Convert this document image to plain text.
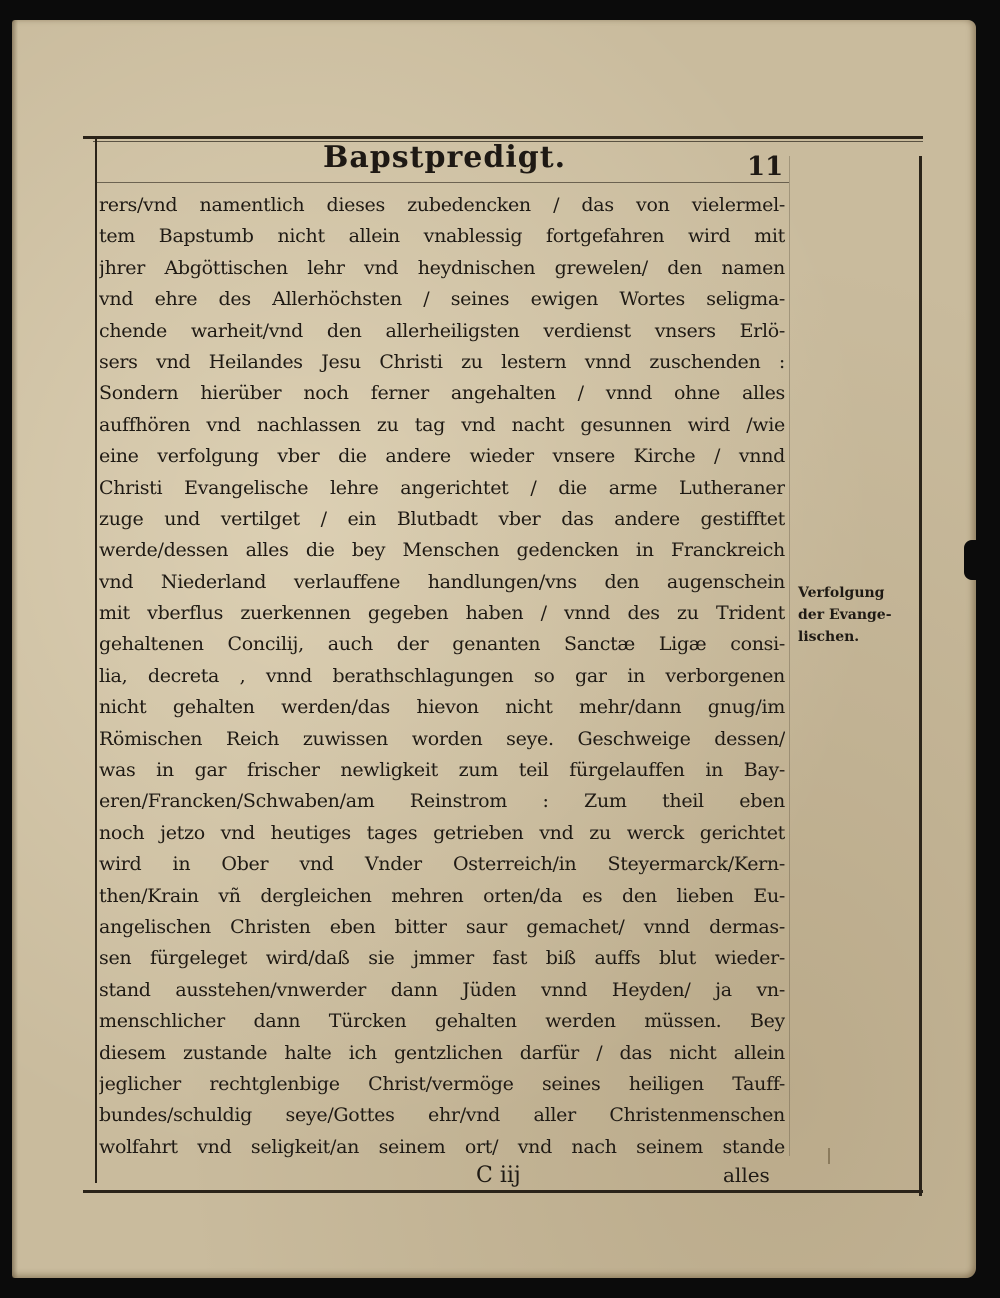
Bapstpredigt.	11
rers/vnd namentlich dieses zubedencken / das von vielermel-
tem Bapstumb nicht allein vnablessig fortgefahren wird mit
jhrer Abgöttischen lehr vnd heydnischen grewelen/ den namen
vnd ehre des Allerhöchsten / seines ewigen Wortes seligma-
chende warheit/vnd den allerheiligsten verdienst vnsers Erlö-
sers vnd Heilandes Jesu Christi zu lestern vnnd zuschenden :
Sondern hierüber noch ferner angehalten / vnnd ohne alles
auffhören vnd nachlassen zu tag vnd nacht gesunnen wird /wie
eine verfolgung vber die andere wieder vnsere Kirche / vnnd
Christi Evangelische lehre angerichtet / die arme Lutheraner
zuge und vertilget / ein Blutbadt vber das andere gestifftet
werde/dessen alles die bey Menschen gedencken in Franckreich
vnd Niederland verlauffene handlungen/vns den augenschein
mit vberflus zuerkennen gegeben haben / vnnd des zu Trident
gehaltenen Concilij, auch der genanten Sanctæ Ligæ consi-
lia, decreta , vnnd berathschlagungen so gar in verborgenen
nicht gehalten werden/das hievon nicht mehr/dann gnug/im
Römischen Reich zuwissen worden seye. Geschweige dessen/
was in gar frischer newligkeit zum teil fürgelauffen in Bay-
eren/Francken/Schwaben/am Reinstrom : Zum theil eben
noch jetzo vnd heutiges tages getrieben vnd zu werck gerichtet
wird in Ober vnd Vnder Osterreich/in Steyermarck/Kern-
then/Krain vñ dergleichen mehren orten/da es den lieben Eu-
angelischen Christen eben bitter saur gemachet/ vnnd dermas-
sen fürgeleget wird/daß sie jmmer fast biß auffs blut wieder-
stand ausstehen/vnwerder dann Jüden vnnd Heyden/ ja vn-
menschlicher dann Türcken gehalten werden müssen. Bey
diesem zustande halte ich gentzlichen darfür / das nicht allein
jeglicher rechtglenbige Christ/vermöge seines heiligen Tauff-
bundes/schuldig seye/Gottes ehr/vnd aller Christenmenschen
wolfahrt vnd seligkeit/an seinem ort/ vnd nach seinem stande
Verfolgung
der Evange-
lischen.
C iij	alles
